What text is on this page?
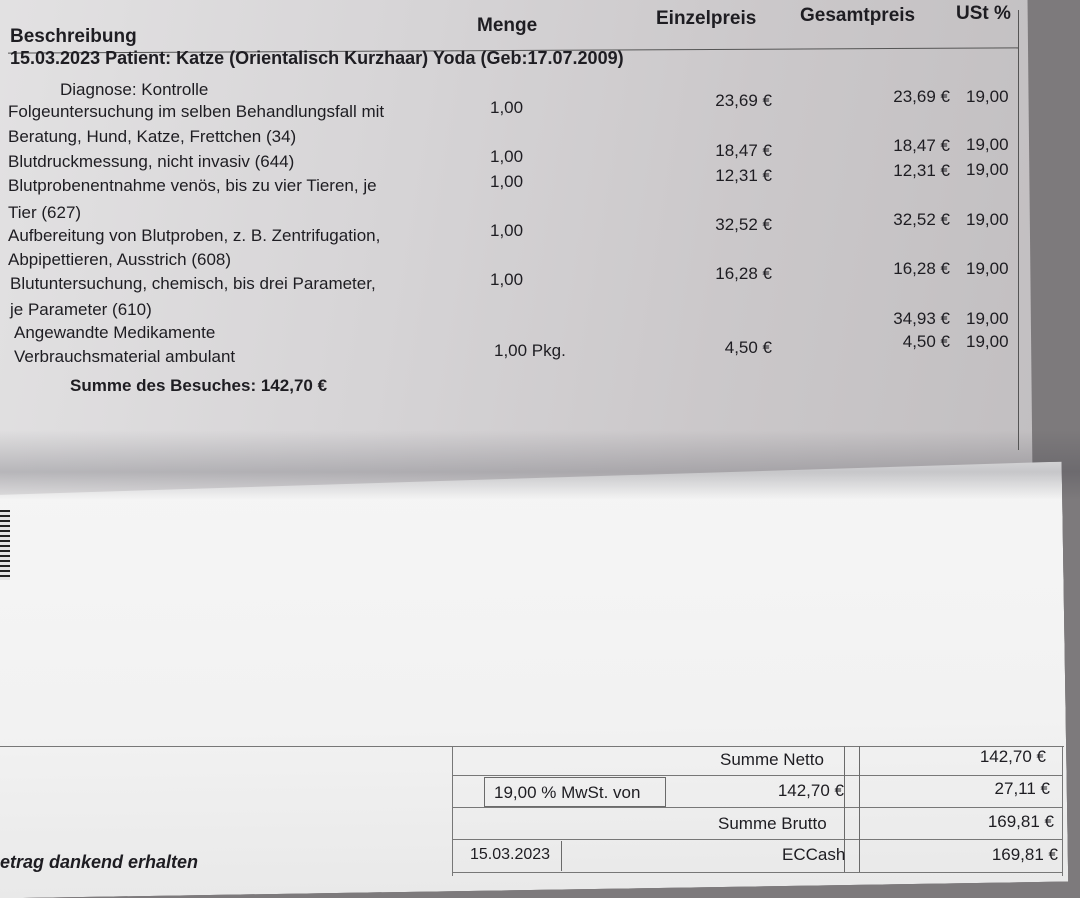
Beschreibung
Menge	Einzelpreis Gesamtpreis USt %
15.03.2023 Patient: Katze (Orientalisch Kurzhaar) Yoda (Geb:17.07.2009)
Diagnose: Kontrolle
Folgeuntersuchung im selben Behandlungsfall mit
Beratung, Hund, Katze, Frettchen (34)
1,00	23,69 €	23,69 € 19,00
Blutdruckmessung, nicht invasiv (644)	1,00	18,47 €	18,47 € 19,00
Blutprobenentnahme venös, bis zu vier Tieren, je
Tier (627)
1,00	12,31 €	12,31 € 19,00
Aufbereitung von Blutproben, z. B. Zentrifugation,
Abpipettieren, Ausstrich (608)
1,00	32,52 €	32,52 € 19,00
Blutuntersuchung, chemisch, bis drei Parameter,
je Parameter (610)
1,00	16,28 €	16,28 € 19,00
Angewandte Medikamente
34,93 € 19,00
Verbrauchsmaterial ambulant	1,00 Pkg.	4,50 €	4,50 € 19,00
Summe des Besuches: 142,70 €
Summe Netto	142,70 €
19,00 % MwSt. von	142,70 €	27,11 €
Summe Brutto	169,81 €
15.03.2023	ECCash	169,81 €
etrag dankend erhalten
